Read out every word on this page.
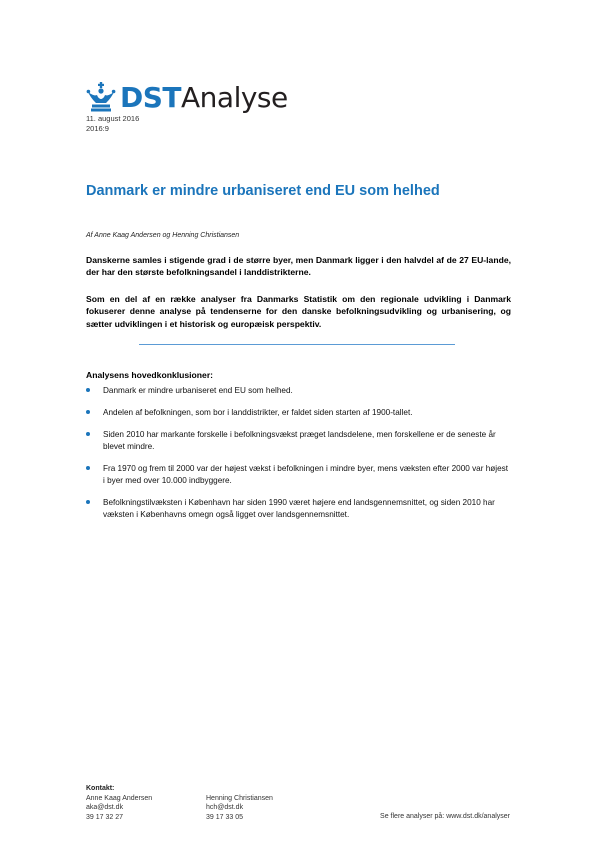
DST Analyse
11. august 2016
2016:9
Danmark er mindre urbaniseret end EU som helhed
Af Anne Kaag Andersen og Henning Christiansen

Danskerne samles i stigende grad i de større byer, men Danmark ligger i den halvdel af de 27 EU-lande, der har den største befolkningsandel i landdistrikterne.

Som en del af en række analyser fra Danmarks Statistik om den regionale udvikling i Danmark fokuserer denne analyse på tendenserne for den danske befolkningsudvikling og urbanisering, og sætter udviklingen i et historisk og europæisk perspektiv.

Analysens hovedkonklusioner:
Danmark er mindre urbaniseret end EU som helhed.
Andelen af befolkningen, som bor i landdistrikter, er faldet siden starten af 1900-tallet.
Siden 2010 har markante forskelle i befolkningsvækst præget landsdelene, men forskellene er de seneste år blevet mindre.
Fra 1970 og frem til 2000 var der højest vækst i befolkningen i mindre byer, mens væksten efter 2000 var højest i byer med over 10.000 indbyggere.
Befolkningstilvæksten i København har siden 1990 været højere end landsgennemsnittet, og siden 2010 har væksten i Københavns omegn også ligget over landsgennemsnittet.
Kontakt:
Anne Kaag Andersen
aka@dst.dk
39 17 32 27
Henning Christiansen
hch@dst.dk
39 17 33 05	Se flere analyser på: www.dst.dk/analyser
